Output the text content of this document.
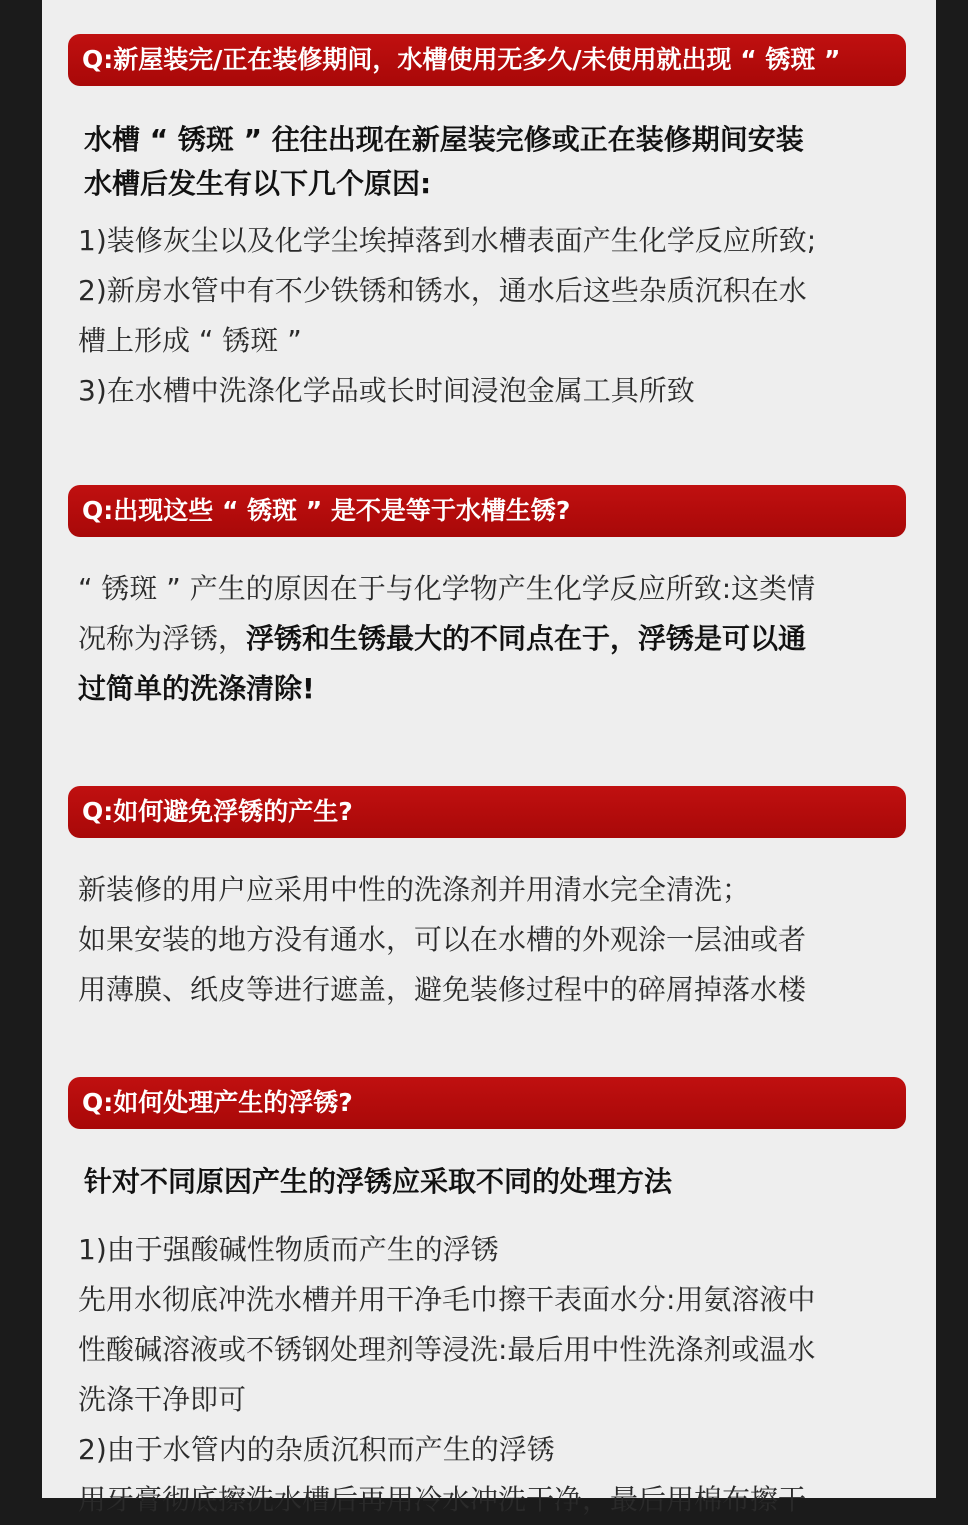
Q:新屋装完/正在装修期间，水槽使用无多久/未使用就出现 “ 锈斑 ”
水槽 “ 锈斑 ” 往往出现在新屋装完修或正在装修期间安装
水槽后发生有以下几个原因:
1)装修灰尘以及化学尘埃掉落到水槽表面产生化学反应所致;
2)新房水管中有不少铁锈和锈水，通水后这些杂质沉积在水
槽上形成 “ 锈斑 ”
3)在水槽中洗涤化学品或长时间浸泡金属工具所致
Q:出现这些 “ 锈斑 ” 是不是等于水槽生锈?
“ 锈斑 ” 产生的原因在于与化学物产生化学反应所致:这类情
况称为浮锈，浮锈和生锈最大的不同点在于，浮锈是可以通
过简单的洗涤清除!
Q:如何避免浮锈的产生?
新装修的用户应采用中性的洗涤剂并用清水完全清洗；
如果安装的地方没有通水，可以在水槽的外观涂一层油或者
用薄膜、纸皮等进行遮盖，避免装修过程中的碎屑掉落水楼
Q:如何处理产生的浮锈?
针对不同原因产生的浮锈应采取不同的处理方法
1)由于强酸碱性物质而产生的浮锈
先用水彻底冲洗水槽并用干净毛巾擦干表面水分:用氨溶液中
性酸碱溶液或不锈钢处理剂等浸洗:最后用中性洗涤剂或温水
洗涤干净即可
2)由于水管内的杂质沉积而产生的浮锈
用牙膏彻底擦洗水槽后再用冷水冲洗干净，最后用棉布擦干
